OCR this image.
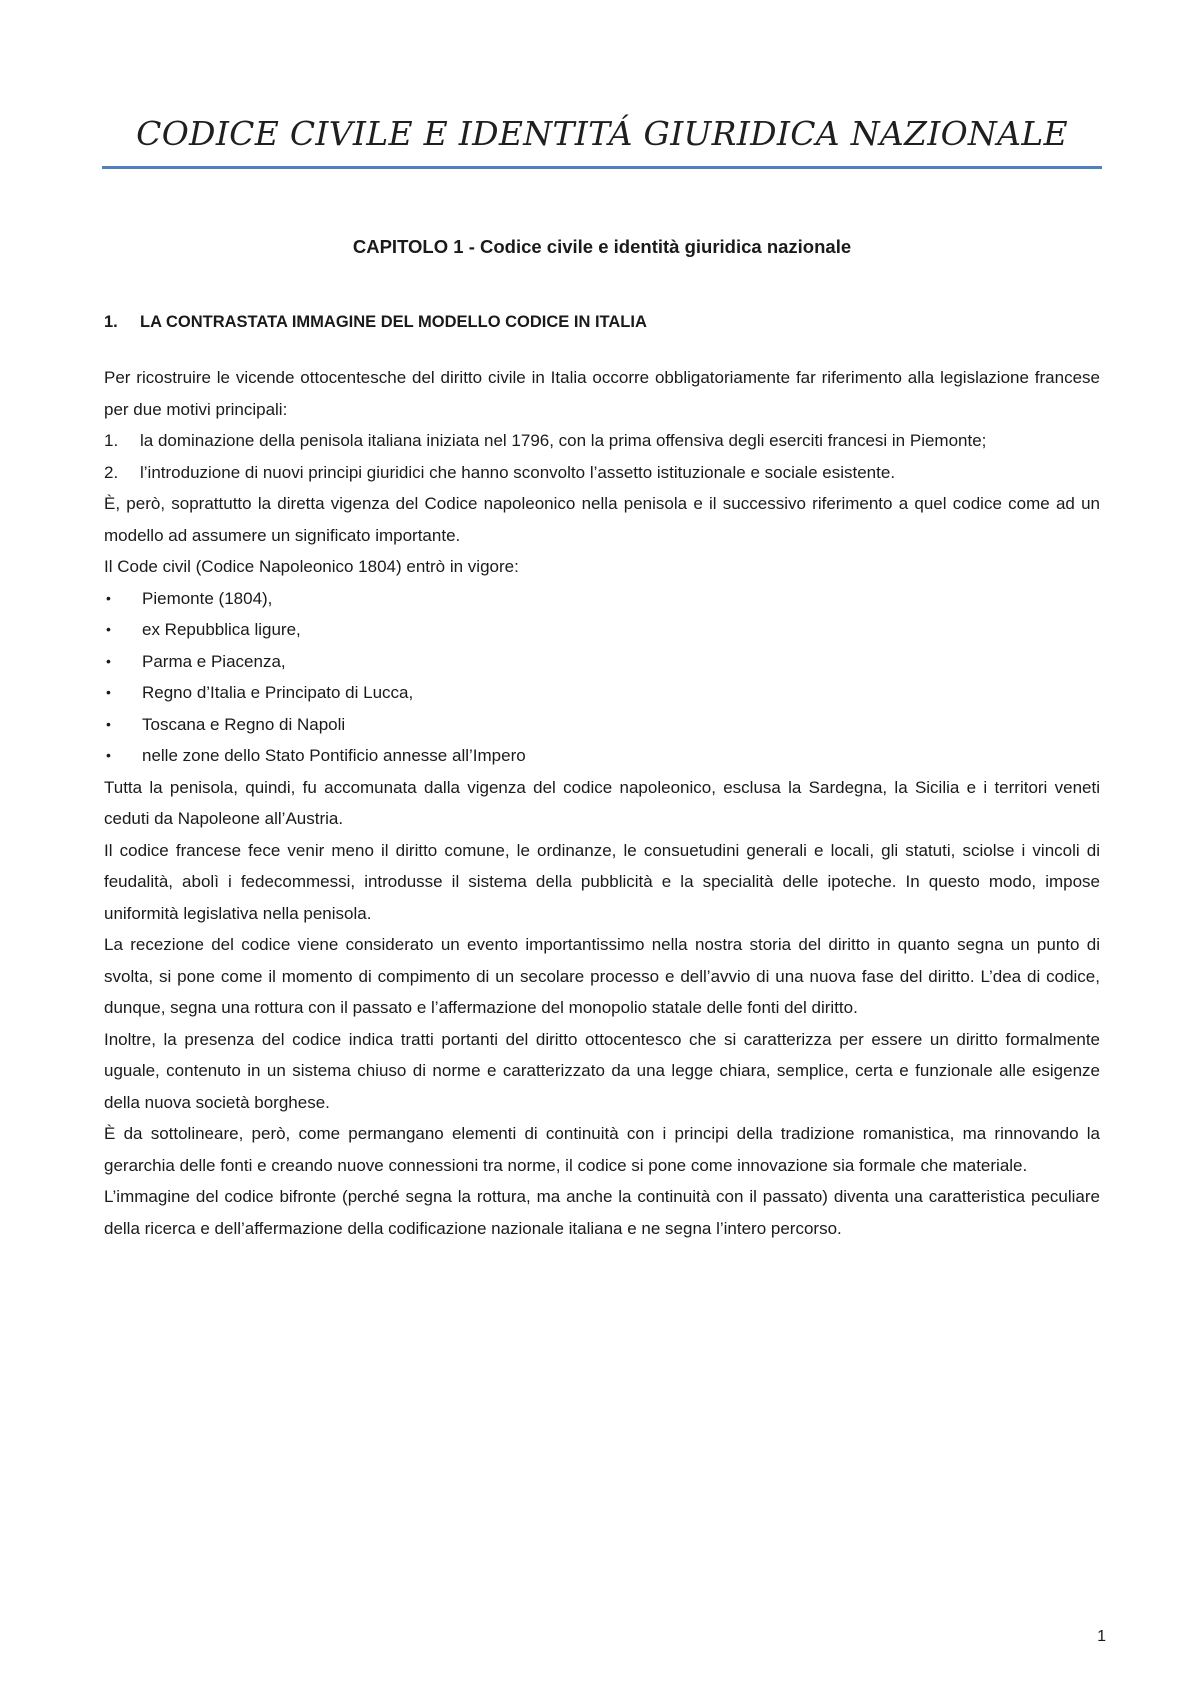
CODICE CIVILE E IDENTITÁ GIURIDICA NAZIONALE
CAPITOLO 1 - Codice civile e identità giuridica nazionale
1.	LA CONTRASTATA IMMAGINE DEL MODELLO CODICE IN ITALIA

Per ricostruire le vicende ottocentesche del diritto civile in Italia occorre obbligatoriamente far riferimento alla legislazione francese per due motivi principali:

1.	la dominazione della penisola italiana iniziata nel 1796, con la prima offensiva degli eserciti francesi in Piemonte;
2.	l’introduzione di nuovi principi giuridici che hanno sconvolto l’assetto istituzionale e sociale esistente.

È, però, soprattutto la diretta vigenza del Codice napoleonico nella penisola e il successivo riferimento a quel codice come ad un modello ad assumere un significato importante.

Il Code civil (Codice Napoleonico 1804) entrò in vigore:

•	Piemonte (1804),
•	ex Repubblica ligure,
•	Parma e Piacenza,
•	Regno d’Italia e Principato di Lucca,
•	Toscana e Regno di Napoli
•	nelle zone dello Stato Pontificio annesse all’Impero

Tutta la penisola, quindi, fu accomunata dalla vigenza del codice napoleonico, esclusa la Sardegna, la Sicilia e i territori veneti ceduti da Napoleone all’Austria.

Il codice francese fece venir meno il diritto comune, le ordinanze, le consuetudini generali e locali, gli statuti, sciolse i vincoli di feudalità, abolì i fedecommessi, introdusse il sistema della pubblicità e la specialità delle ipoteche. In questo modo, impose uniformità legislativa nella penisola.

La recezione del codice viene considerato un evento importantissimo nella nostra storia del diritto in quanto segna un punto di svolta, si pone come il momento di compimento di un secolare processo e dell’avvio di una nuova fase del diritto. L’dea di codice, dunque, segna una rottura con il passato e l’affermazione del monopolio statale delle fonti del diritto.

Inoltre, la presenza del codice indica tratti portanti del diritto ottocentesco che si caratterizza per essere un diritto formalmente uguale, contenuto in un sistema chiuso di norme e caratterizzato da una legge chiara, semplice, certa e funzionale alle esigenze della nuova società borghese.

È da sottolineare, però, come permangano elementi di continuità con i principi della tradizione romanistica, ma rinnovando la gerarchia delle fonti e creando nuove connessioni tra norme, il codice si pone come innovazione sia formale che materiale.

L’immagine del codice bifronte (perché segna la rottura, ma anche la continuità con il passato) diventa una caratteristica peculiare della ricerca e dell’affermazione della codificazione nazionale italiana e ne segna l’intero percorso.

1
